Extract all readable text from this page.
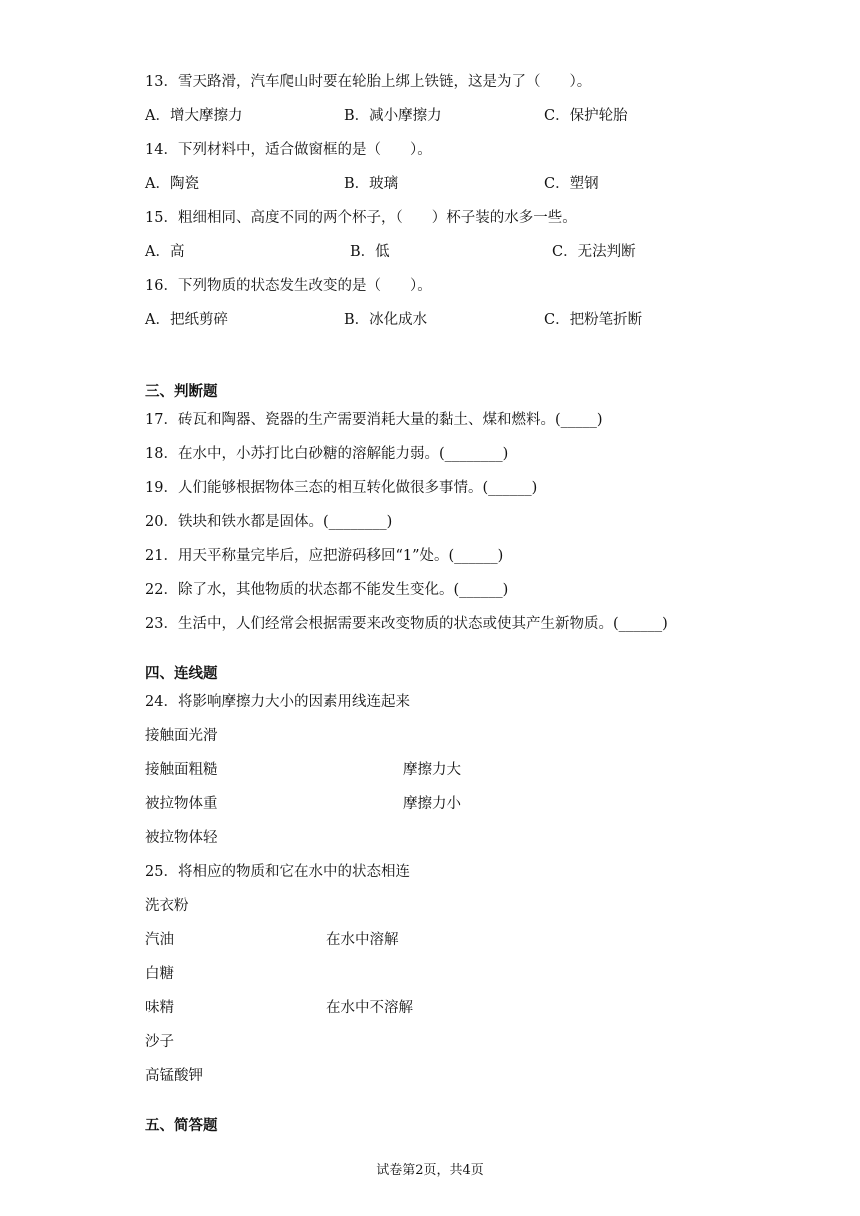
13．雪天路滑，汽车爬山时要在轮胎上绑上铁链，这是为了（　　）。
A．增大摩擦力	B．减小摩擦力	C．保护轮胎
14．下列材料中，适合做窗框的是（　　）。
A．陶瓷	B．玻璃	C．塑钢
15．粗细相同、高度不同的两个杯子，（　　）杯子装的水多一些。
A．高	B．低	C．无法判断
16．下列物质的状态发生改变的是（　　）。
A．把纸剪碎	B．冰化成水	C．把粉笔折断
三、判断题
17．砖瓦和陶器、瓷器的生产需要消耗大量的黏土、煤和燃料。(_____)
18．在水中，小苏打比白砂糖的溶解能力弱。(________)
19．人们能够根据物体三态的相互转化做很多事情。(______)
20．铁块和铁水都是固体。(________)
21．用天平称量完毕后，应把游码移回“1”处。(______)
22．除了水，其他物质的状态都不能发生变化。(______)
23．生活中，人们经常会根据需要来改变物质的状态或使其产生新物质。(______)
四、连线题
24．将影响摩擦力大小的因素用线连起来
接触面光滑
接触面粗糙	摩擦力大
被拉物体重	摩擦力小
被拉物体轻
25．将相应的物质和它在水中的状态相连
洗衣粉
汽油	在水中溶解
白糖
味精	在水中不溶解
沙子
高锰酸钾
五、简答题
试卷第2页，共4页
